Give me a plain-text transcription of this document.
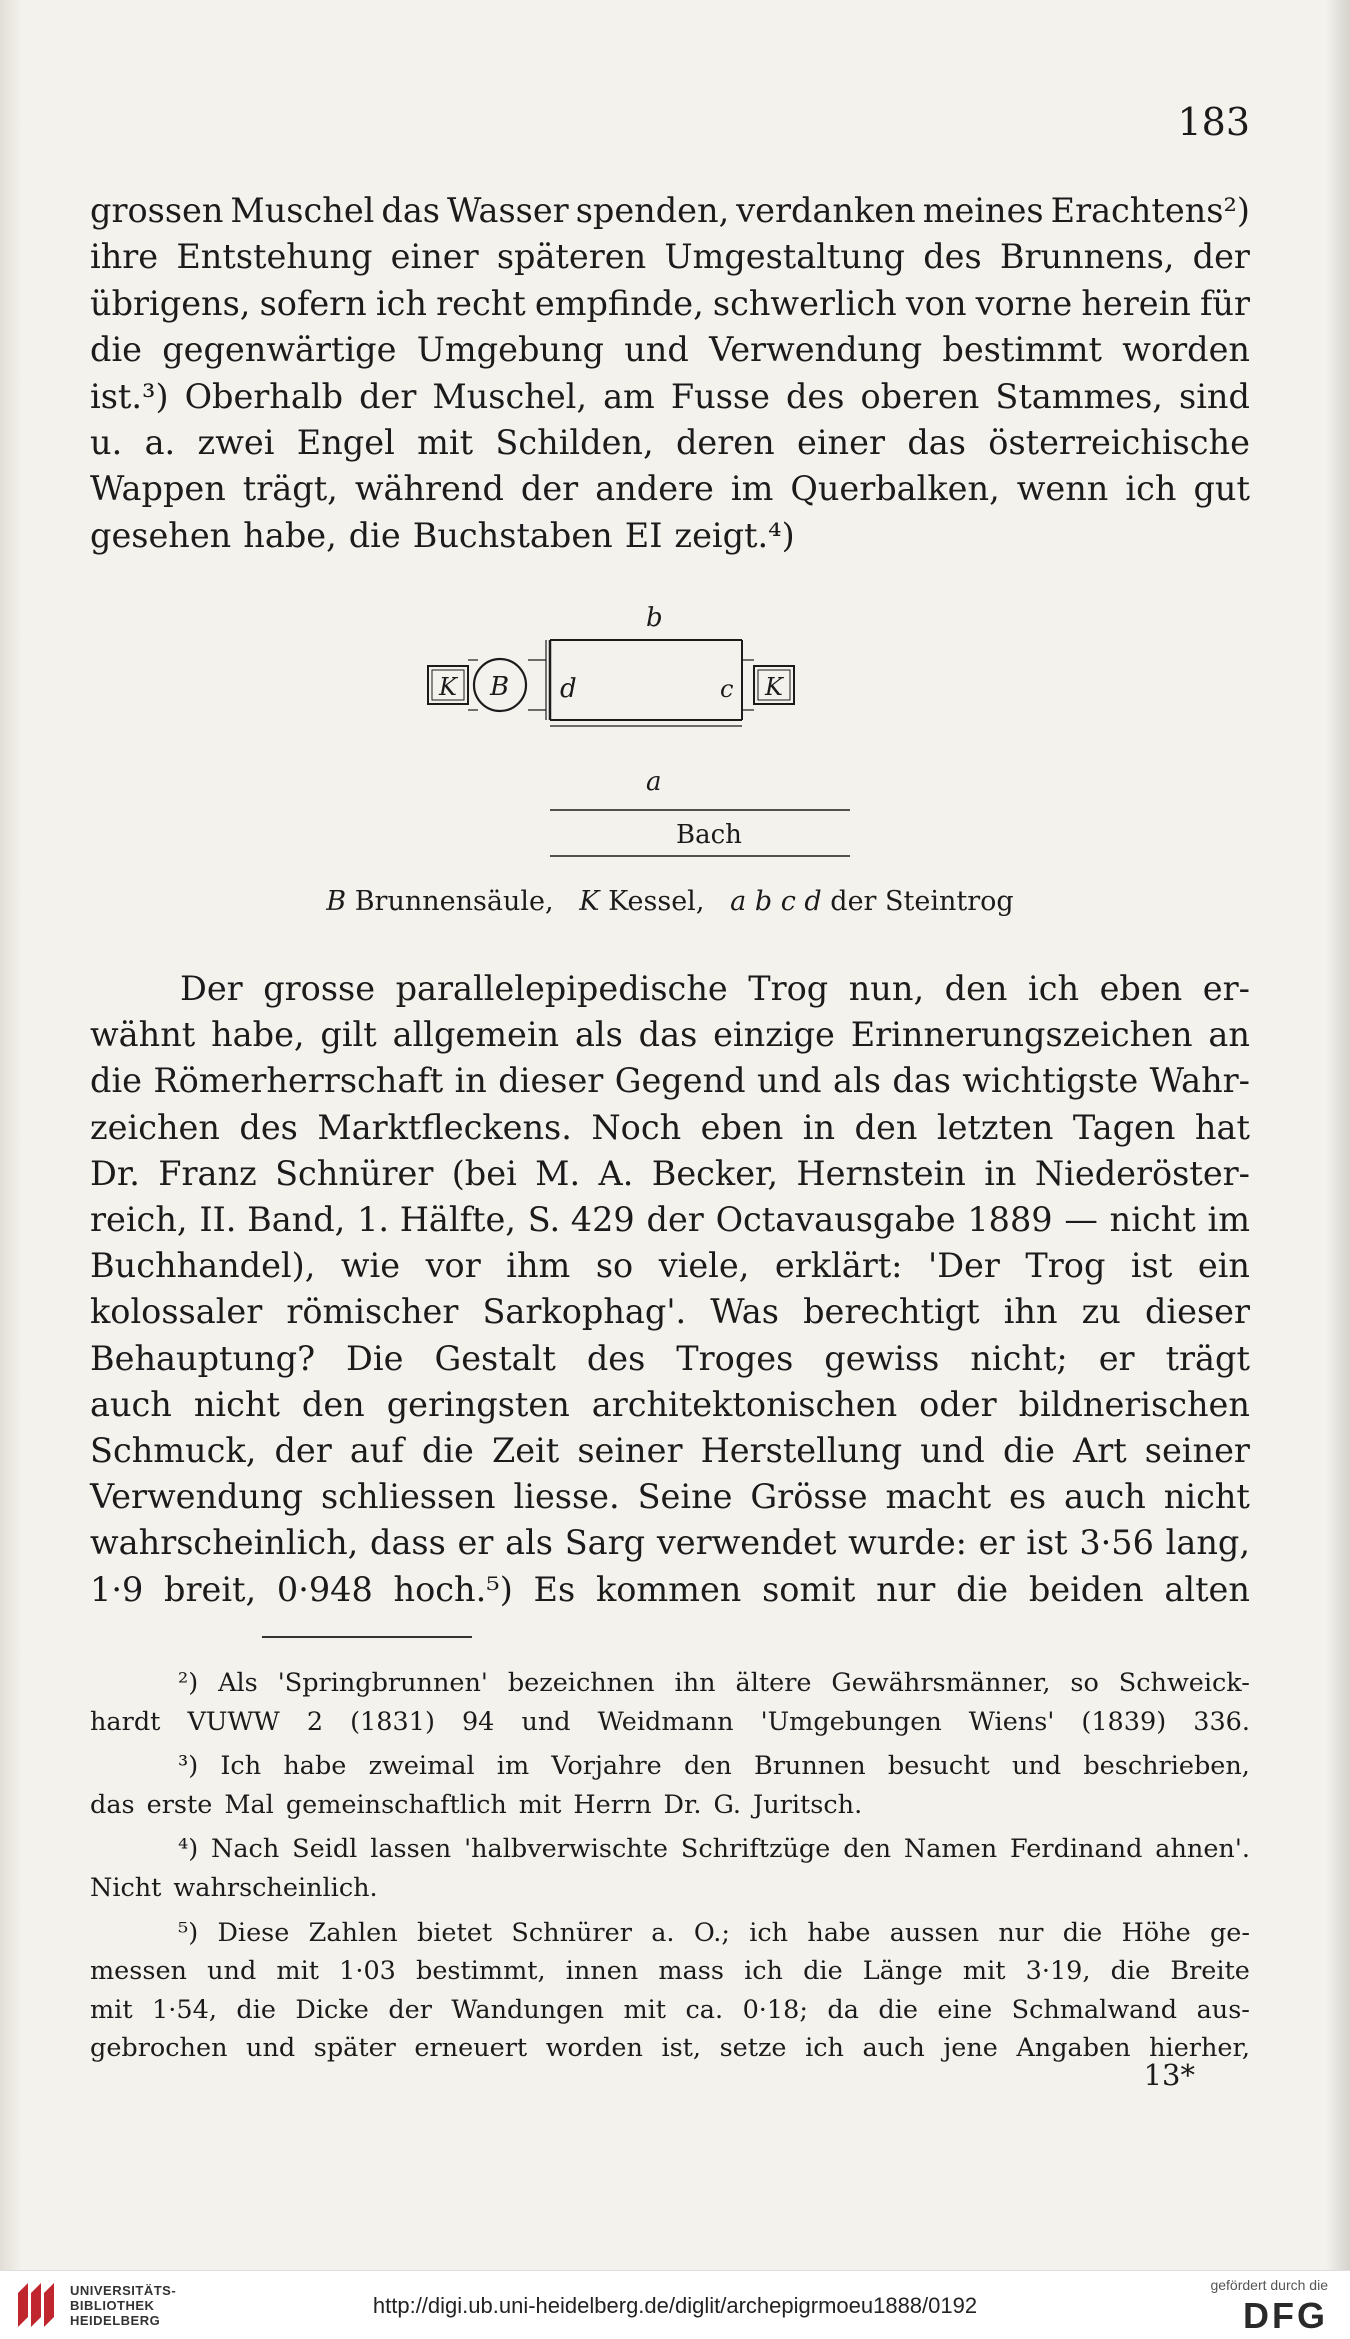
183
grossen Muschel das Wasser spenden, verdanken meines Erachtens²)
ihre Entstehung einer späteren Umgestaltung des Brunnens, der
übrigens, sofern ich recht empfinde, schwerlich von vorne herein für
die gegenwärtige Umgebung und Verwendung bestimmt worden
ist.³) Oberhalb der Muschel, am Fusse des oberen Stammes, sind
u. a. zwei Engel mit Schilden, deren einer das österreichische
Wappen trägt, während der andere im Querbalken, wenn ich gut
gesehen habe, die Buchstaben EI zeigt.⁴)
b
a
c
d
K	K
B
Bach
B Brunnensäule, K Kessel, a b c d der Steintrog
Der grosse parallelepipedische Trog nun, den ich eben er-
wähnt habe, gilt allgemein als das einzige Erinnerungszeichen an
die Römerherrschaft in dieser Gegend und als das wichtigste Wahr-
zeichen des Marktfleckens. Noch eben in den letzten Tagen hat
Dr. Franz Schnürer (bei M. A. Becker, Hernstein in Niederöster-
reich, II. Band, 1. Hälfte, S. 429 der Octavausgabe 1889 — nicht im
Buchhandel), wie vor ihm so viele, erklärt: 'Der Trog ist ein
kolossaler römischer Sarkophag'. Was berechtigt ihn zu dieser
Behauptung? Die Gestalt des Troges gewiss nicht; er trägt
auch nicht den geringsten architektonischen oder bildnerischen
Schmuck, der auf die Zeit seiner Herstellung und die Art seiner
Verwendung schliessen liesse. Seine Grösse macht es auch nicht
wahrscheinlich, dass er als Sarg verwendet wurde: er ist 3·56 lang,
1·9 breit, 0·948 hoch.⁵) Es kommen somit nur die beiden alten
²) Als 'Springbrunnen' bezeichnen ihn ältere Gewährsmänner, so Schweick-
hardt VUWW 2 (1831) 94 und Weidmann 'Umgebungen Wiens' (1839) 336.
³) Ich habe zweimal im Vorjahre den Brunnen besucht und beschrieben,
das erste Mal gemeinschaftlich mit Herrn Dr. G. Juritsch.
⁴) Nach Seidl lassen 'halbverwischte Schriftzüge den Namen Ferdinand ahnen'.
Nicht wahrscheinlich.
⁵) Diese Zahlen bietet Schnürer a. O.; ich habe aussen nur die Höhe ge-
messen und mit 1·03 bestimmt, innen mass ich die Länge mit 3·19, die Breite
mit 1·54, die Dicke der Wandungen mit ca. 0·18; da die eine Schmalwand aus-
gebrochen und später erneuert worden ist, setze ich auch jene Angaben hierher,
13*
UNIVERSITÄTS-
BIBLIOTHEK
HEIDELBERG
http://digi.ub.uni-heidelberg.de/diglit/archepigrmoeu1888/0192
gefördert durch die
DFG
